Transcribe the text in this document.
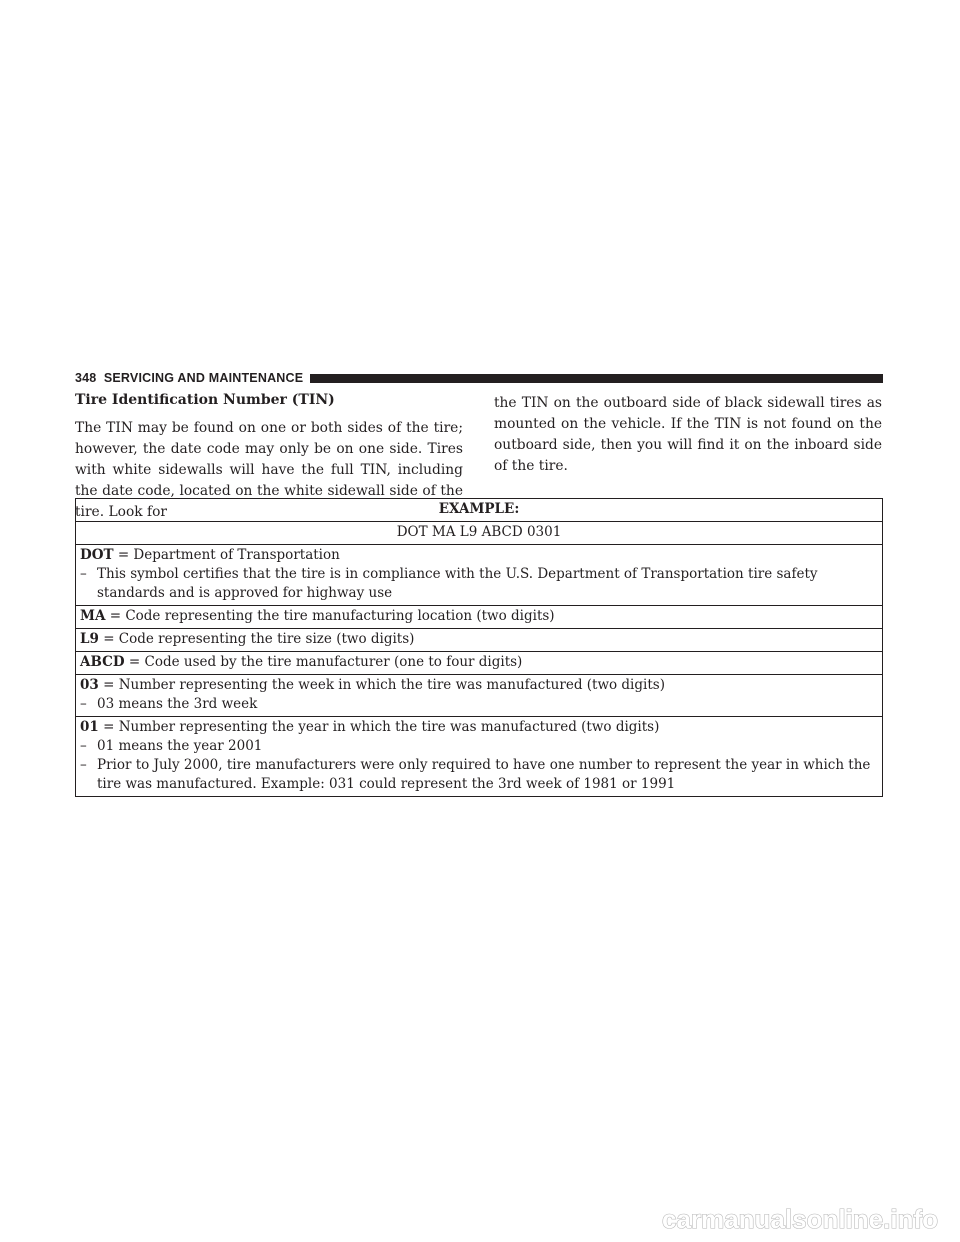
348 SERVICING AND MAINTENANCE
Tire Identification Number (TIN)
The TIN may be found on one or both sides of the tire; however, the date code may only be on one side. Tires with white sidewalls will have the full TIN, including the date code, located on the white sidewall side of the tire. Look for
the TIN on the outboard side of black sidewall tires as mounted on the vehicle. If the TIN is not found on the outboard side, then you will find it on the inboard side of the tire.
EXAMPLE:
DOT MA L9 ABCD 0301

DOT = Department of Transportation
– This symbol certifies that the tire is in compliance with the U.S. Department of Transportation tire safety standards and is approved for highway use

MA = Code representing the tire manufacturing location (two digits)

L9 = Code representing the tire size (two digits)

ABCD = Code used by the tire manufacturer (one to four digits)

03 = Number representing the week in which the tire was manufactured (two digits)
– 03 means the 3rd week

01 = Number representing the year in which the tire was manufactured (two digits)
– 01 means the year 2001
– Prior to July 2000, tire manufacturers were only required to have one number to represent the year in which the tire was manufactured. Example: 031 could represent the 3rd week of 1981 or 1991
carmanualsonline.info
